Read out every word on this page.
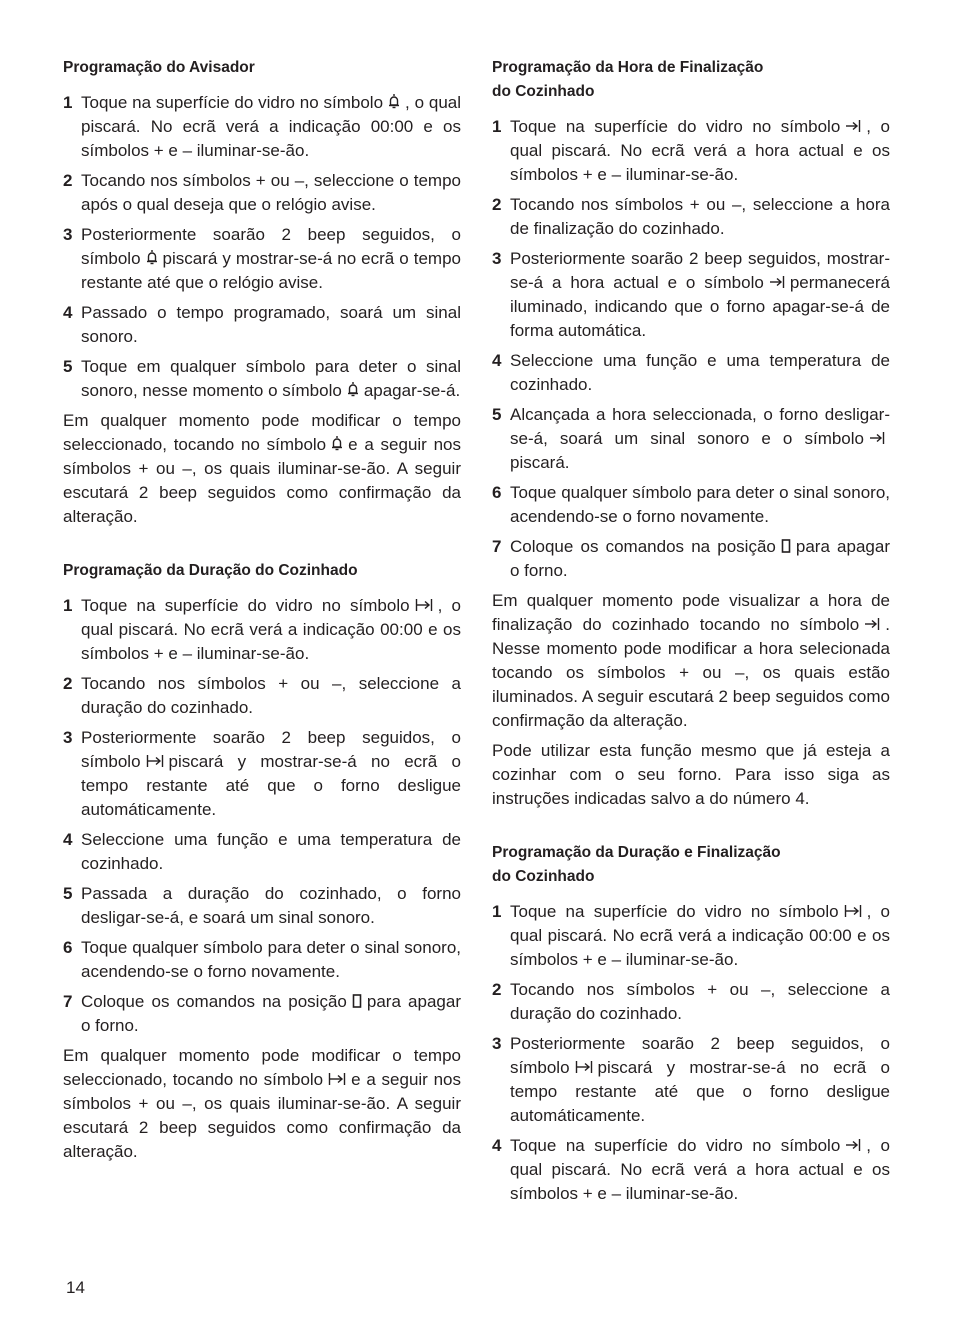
Programação do Avisador
1 Toque na superfície do vidro no símbolo , o qual piscará. No ecrã verá a indicação 00:00 e os símbolos + e – iluminar-se-ão.
2 Tocando nos símbolos + ou –, seleccione o tempo após o qual deseja que o relógio avise.
3 Posteriormente soarão 2 beep seguidos, o símbolo piscará y mostrar-se-á no ecrã o tempo restante até que o relógio avise.
4 Passado o tempo programado, soará um sinal sonoro.
5 Toque em qualquer símbolo para deter o sinal sonoro, nesse momento o símbolo apagar-se-á.

Em qualquer momento pode modificar o tempo seleccionado, tocando no símbolo e a seguir nos símbolos + ou –, os quais iluminar-se-ão. A seguir escutará 2 beep seguidos como confirmação da alteração.

Programação da Duração do Cozinhado
1 Toque na superfície do vidro no símbolo , o qual piscará. No ecrã verá a indicação 00:00 e os símbolos + e – iluminar-se-ão.
2 Tocando nos símbolos + ou –, seleccione a duração do cozinhado.
3 Posteriormente soarão 2 beep seguidos, o símbolo piscará y mostrar-se-á no ecrã o tempo restante até que o forno desligue automáticamente.
4 Seleccione uma função e uma temperatura de cozinhado.
5 Passada a duração do cozinhado, o forno desligar-se-á, e soará um sinal sonoro.
6 Toque qualquer símbolo para deter o sinal sonoro, acendendo-se o forno novamente.
7 Coloque os comandos na posição para apagar o forno.

Em qualquer momento pode modificar o tempo seleccionado, tocando no símbolo e a seguir nos símbolos + ou –, os quais iluminar-se-ão. A seguir escutará 2 beep seguidos como confirmação da alteração.

Programação da Hora de Finalização
do Cozinhado
1 Toque na superfície do vidro no símbolo , o qual piscará. No ecrã verá a hora actual e os símbolos + e – iluminar-se-ão.
2 Tocando nos símbolos + ou –, seleccione a hora de finalização do cozinhado.
3 Posteriormente soarão 2 beep seguidos, mostrar-se-á a hora actual e o símbolo permanecerá iluminado, indicando que o forno apagar-se-á de forma automática.
4 Seleccione uma função e uma temperatura de cozinhado.
5 Alcançada a hora seleccionada, o forno desligar-se-á, soará um sinal sonoro e o símbolopiscará.
6 Toque qualquer símbolo para deter o sinal sonoro, acendendo-se o forno novamente.
7 Coloque os comandos na posição para apagar o forno.

Em qualquer momento pode visualizar a hora de finalização do cozinhado tocando no símbolo . Nesse momento pode modificar a hora selecionada tocando os símbolos + ou –, os quais estão iluminados. A seguir escutará 2 beep seguidos como confirmação da alteração.

Pode utilizar esta função mesmo que já esteja a cozinhar com o seu forno. Para isso siga as instruções indicadas salvo a do número 4.

Programação da Duração e Finalização
do Cozinhado
1 Toque na superfície do vidro no símbolo , o qual piscará. No ecrã verá a indicação 00:00 e os símbolos + e – iluminar-se-ão.
2 Tocando nos símbolos + ou –, seleccione a duração do cozinhado.
3 Posteriormente soarão 2 beep seguidos, o símbolo piscará y mostrar-se-á no ecrã o tempo restante até que o forno desligue automáticamente.
4 Toque na superfície do vidro no símbolo , o qual piscará. No ecrã verá a hora actual e os símbolos + e – iluminar-se-ão.
14
